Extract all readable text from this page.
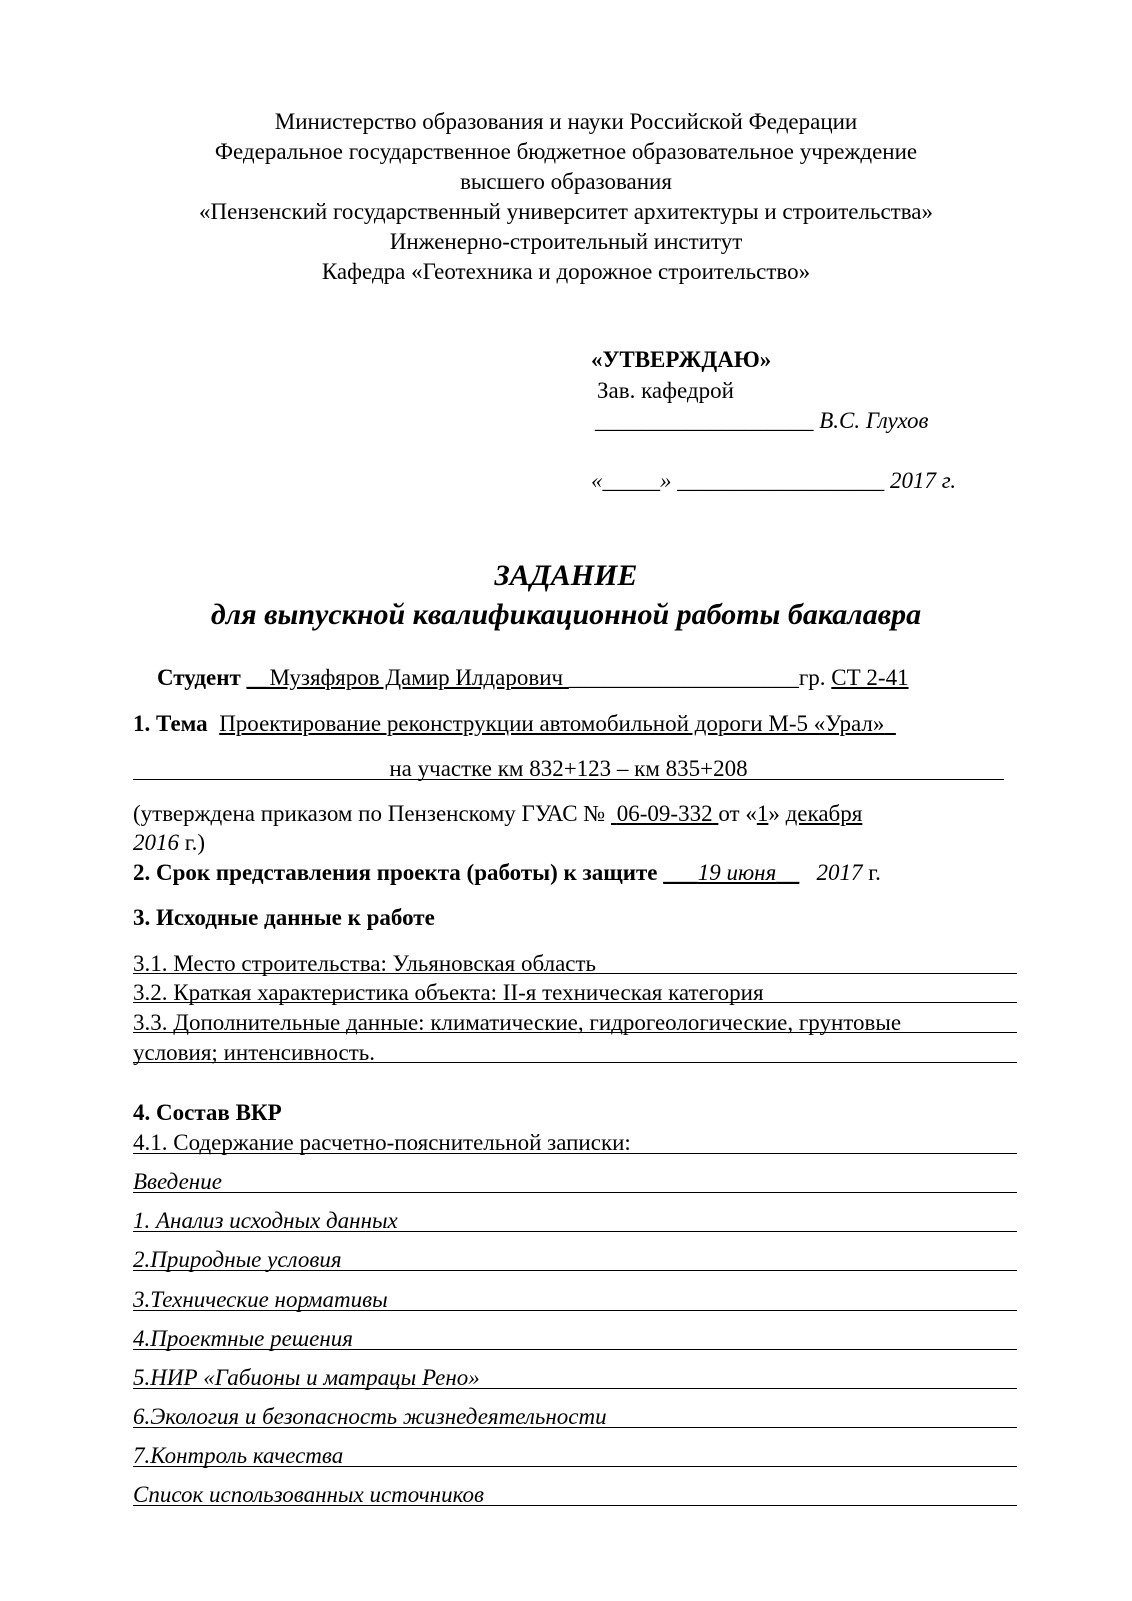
Министерство образования и науки Российской Федерации
Федеральное государственное бюджетное образовательное учреждение
высшего образования
«Пензенский государственный университет архитектуры и строительства»
Инженерно-строительный институт
Кафедра «Геотехника и дорожное строительство»
«УТВЕРЖДАЮ»
Зав. кафедрой
___________________ В.С. Глухов
«_____» __________________ 2017 г.
ЗАДАНИЕ
для выпускной квалификационной работы бакалавра
Студент __Музяфяров Дамир Илдарович ____________________гр. СТ 2-41
1. Тема Проектирование реконструкции автомобильной дороги М-5 «Урал»
на участке км 832+123 – км 835+208
(утверждена приказом по Пензенскому ГУАС № 06-09-332 от «1» декабря
2016 г.)
2. Срок представления проекта (работы) к защите ___19 июня__ 2017 г.
3. Исходные данные к работе
3.1. Место строительства: Ульяновская область
3.2. Краткая характеристика объекта: II-я техническая категория
3.3. Дополнительные данные: климатические, гидрогеологические, грунтовые
условия; интенсивность.
4. Состав ВКР
4.1. Содержание расчетно-пояснительной записки:
Введение
1. Анализ исходных данных
2.Природные условия
3.Технические нормативы
4.Проектные решения
5.НИР «Габионы и матрацы Рено»
6.Экология и безопасность жизнедеятельности
7.Контроль качества
Список использованных источников
